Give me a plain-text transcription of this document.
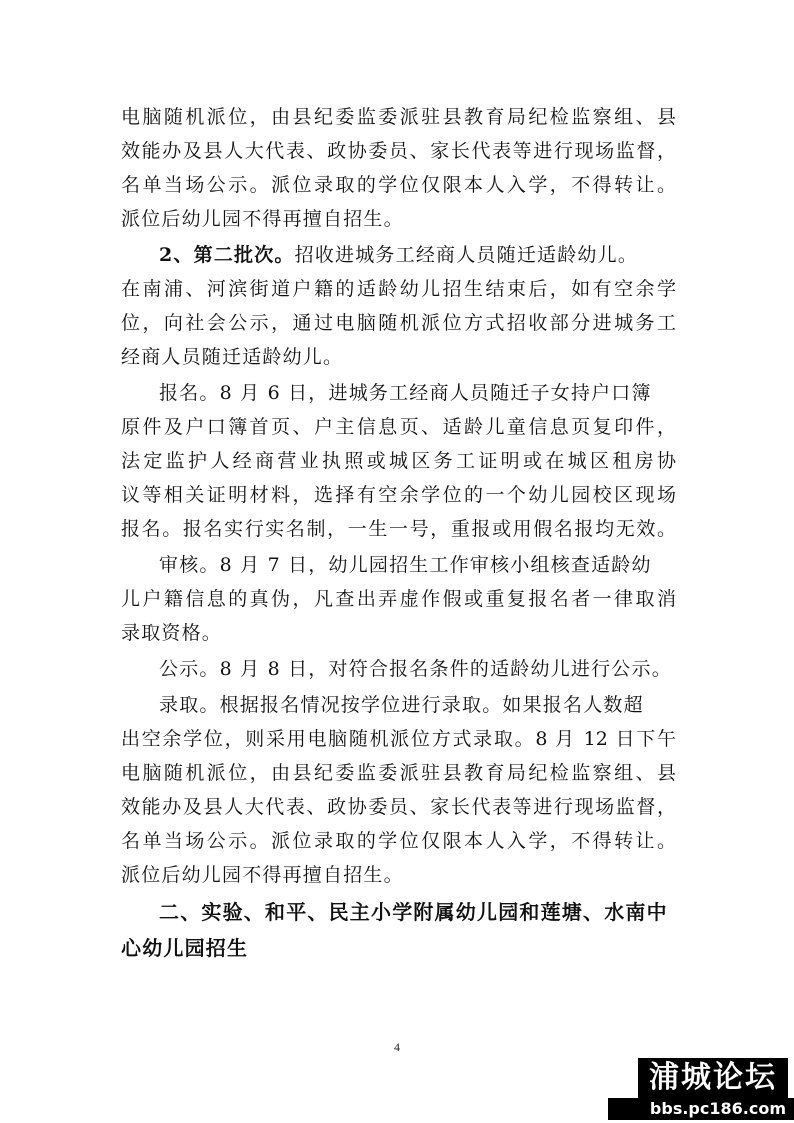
电脑随机派位，由县纪委监委派驻县教育局纪检监察组、县
效能办及县人大代表、政协委员、家长代表等进行现场监督，
名单当场公示。派位录取的学位仅限本人入学，不得转让。
派位后幼儿园不得再擅自招生。
2、第二批次。招收进城务工经商人员随迁适龄幼儿。
在南浦、河滨街道户籍的适龄幼儿招生结束后，如有空余学
位，向社会公示，通过电脑随机派位方式招收部分进城务工
经商人员随迁适龄幼儿。
报名。8 月 6 日，进城务工经商人员随迁子女持户口簿
原件及户口簿首页、户主信息页、适龄儿童信息页复印件，
法定监护人经商营业执照或城区务工证明或在城区租房协
议等相关证明材料，选择有空余学位的一个幼儿园校区现场
报名。报名实行实名制，一生一号，重报或用假名报均无效。
审核。8 月 7 日，幼儿园招生工作审核小组核查适龄幼
儿户籍信息的真伪，凡查出弄虚作假或重复报名者一律取消
录取资格。
公示。8 月 8 日，对符合报名条件的适龄幼儿进行公示。
录取。根据报名情况按学位进行录取。如果报名人数超
出空余学位，则采用电脑随机派位方式录取。8 月 12 日下午
电脑随机派位，由县纪委监委派驻县教育局纪检监察组、县
效能办及县人大代表、政协委员、家长代表等进行现场监督，
名单当场公示。派位录取的学位仅限本人入学，不得转让。
派位后幼儿园不得再擅自招生。
二、实验、和平、民主小学附属幼儿园和莲塘、水南中
心幼儿园招生
4
浦城论坛
bbs.pc186.com
